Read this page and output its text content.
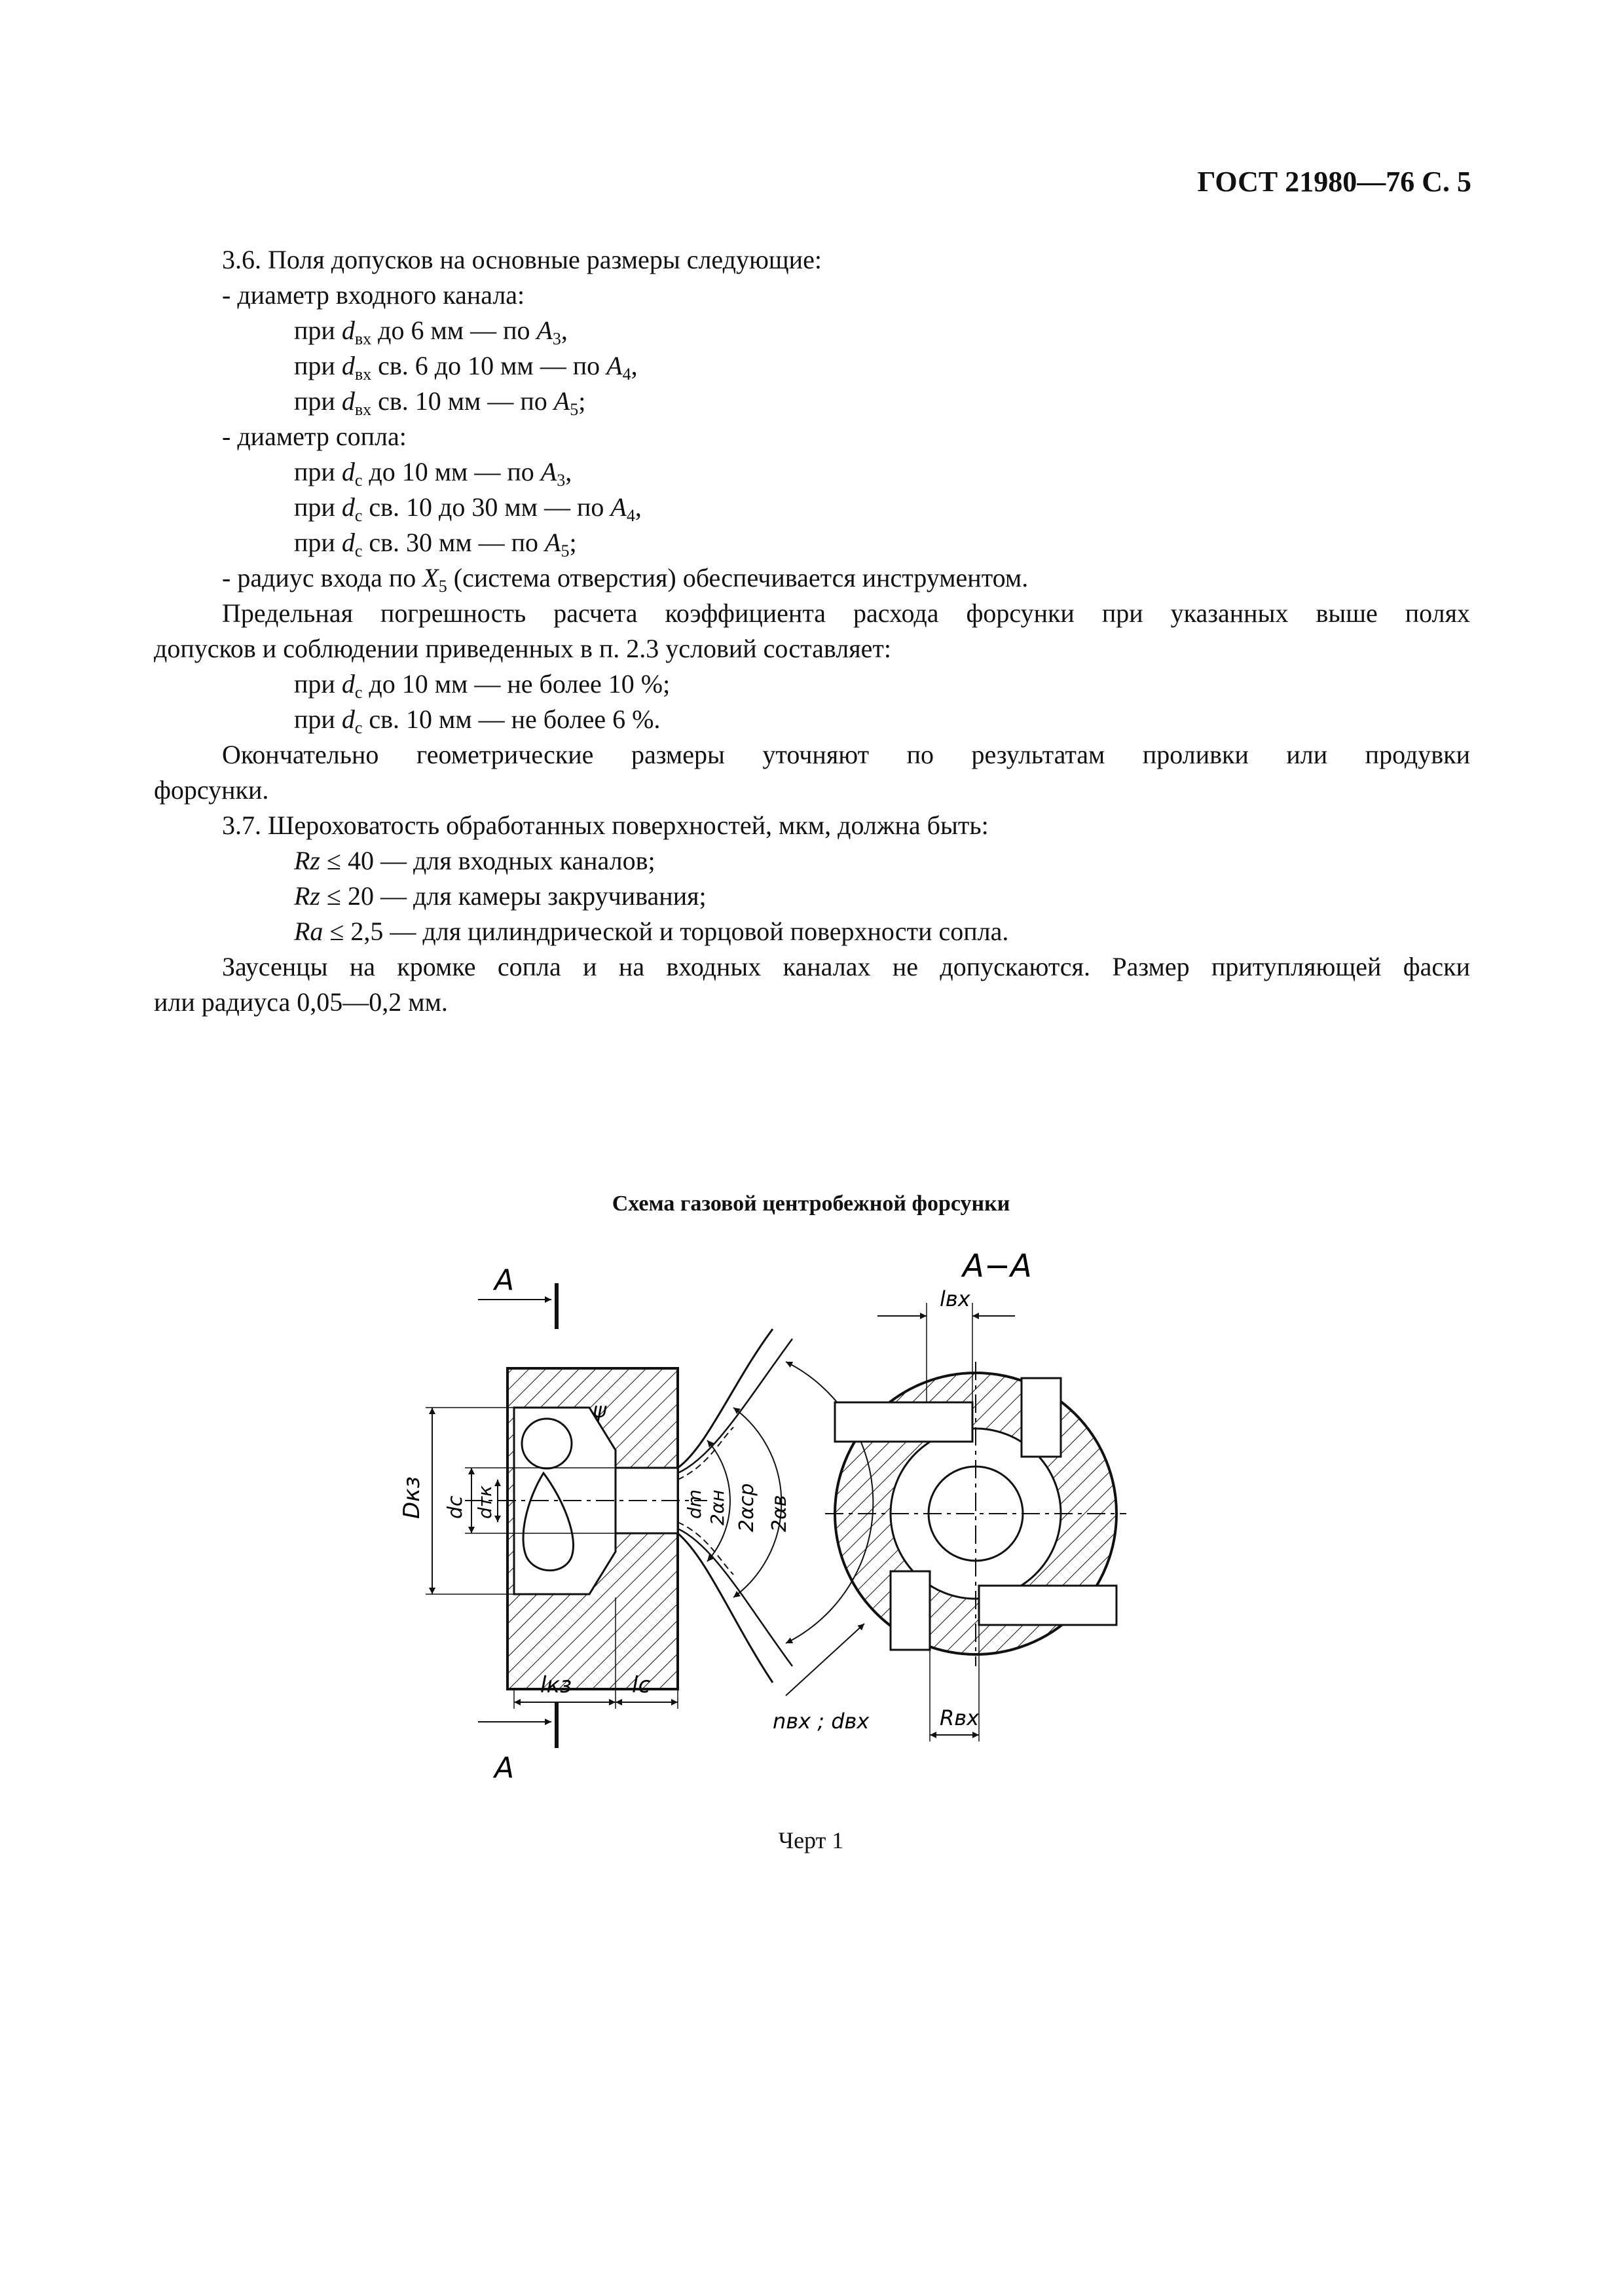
ГОСТ 21980—76 С. 5

3.6. Поля допусков на основные размеры следующие:

- диаметр входного канала:

при $d_{вх}$ до 6 мм — по $A_3$,

при $d_{вх}$ св. 6 до 10 мм — по $A_4$,

при $d_{вх}$ св. 10 мм — по $A_5$;

- диаметр сопла:

при $d_с$ до 10 мм — по $A_3$,

при $d_с$ св. 10 до 30 мм — по $A_4$,

при $d_с$ св. 30 мм — по $A_5$;

- радиус входа по $X_5$ (система отверстия) обеспечивается инструментом.

Предельная погрешность расчета коэффициента расхода форсунки при указанных выше полях

допусков и соблюдении приведенных в п. 2.3 условий составляет:

при $d_с$ до 10 мм — не более 10 %;

при $d_с$ св. 10 мм — не более 6 %.

Окончательно геометрические размеры уточняют по результатам проливки или продувки

форсунки.

3.7. Шероховатость обработанных поверхностей, мкм, должна быть:

Rz ≤ 40 — для входных каналов;

Rz ≤ 20 — для камеры закручивания;

Ra ≤ 2,5 — для цилиндрической и торцовой поверхности сопла.

Заусенцы на кромке сопла и на входных каналах не допускаются. Размер притупляющей фаски

или радиуса 0,05—0,2 мм.

Схема газовой центробежной форсунки
A
A
Dкз dc dтк
lкз	lc
ψ
dm 2αн 2αср 2αв
A−A
lвх
nвх ; dвх	Rвх
Черт 1
